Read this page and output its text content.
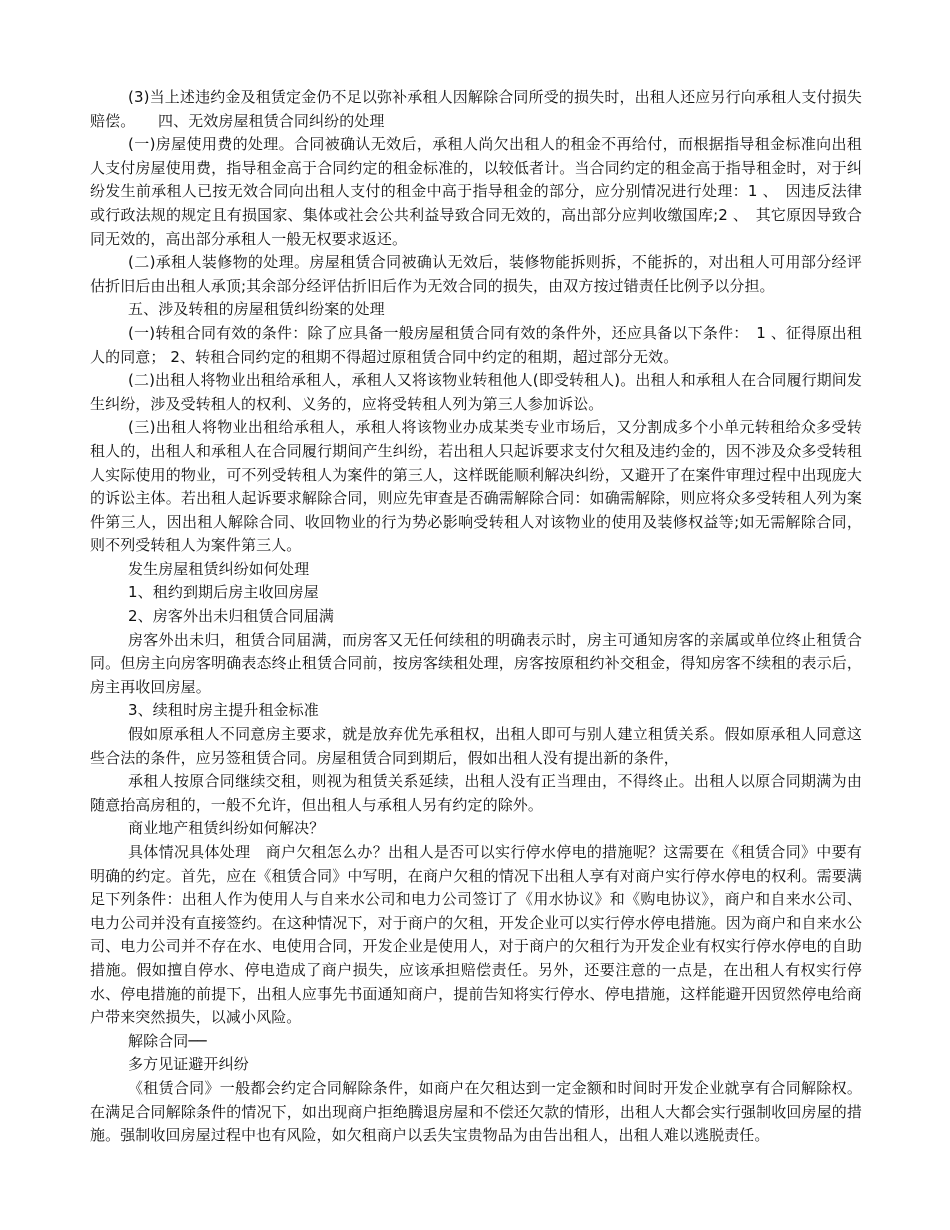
(3)当上述违约金及租赁定金仍不足以弥补承租人因解除合同所受的损失时，出租人还应另行向承租人支付损失赔偿。　　四、无效房屋租赁合同纠纷的处理

(一)房屋使用费的处理。合同被确认无效后，承租人尚欠出租人的租金不再给付，而根据指导租金标准向出租人支付房屋使用费，指导租金高于合同约定的租金标准的，以较低者计。当合同约定的租金高于指导租金时，对于纠纷发生前承租人已按无效合同向出租人支付的租金中高于指导租金的部分，应分别情况进行处理：1 、　因违反法律或行政法规的规定且有损国家、集体或社会公共利益导致合同无效的，高出部分应判收缴国库;2 、　其它原因导致合同无效的，高出部分承租人一般无权要求返还。

(二)承租人装修物的处理。房屋租赁合同被确认无效后，装修物能拆则拆，不能拆的，对出租人可用部分经评估折旧后由出租人承顶;其余部分经评估折旧后作为无效合同的损失，由双方按过错责任比例予以分担。

五、涉及转租的房屋租赁纠纷案的处理

(一)转租合同有效的条件：除了应具备一般房屋租赁合同有效的条件外，还应具备以下条件：　1 、征得原出租人的同意； 2、转租合同约定的租期不得超过原租赁合同中约定的租期，超过部分无效。

(二)出租人将物业出租给承租人，承租人又将该物业转租他人(即受转租人)。出租人和承租人在合同履行期间发生纠纷，涉及受转租人的权利、义务的，应将受转租人列为第三人参加诉讼。

(三)出租人将物业出租给承租人，承租人将该物业办成某类专业市场后，又分割成多个小单元转租给众多受转租人的，出租人和承租人在合同履行期间产生纠纷，若出租人只起诉要求支付欠租及违约金的，因不涉及众多受转租人实际使用的物业，可不列受转租人为案件的第三人，这样既能顺利解决纠纷，又避开了在案件审理过程中出现庞大的诉讼主体。若出租人起诉要求解除合同，则应先审查是否确需解除合同：如确需解除，则应将众多受转租人列为案件第三人，因出租人解除合同、收回物业的行为势必影响受转租人对该物业的使用及装修权益等;如无需解除合同，则不列受转租人为案件第三人。

发生房屋租赁纠纷如何处理

1、租约到期后房主收回房屋

2、房客外出未归租赁合同届满

房客外出未归，租赁合同届满，而房客又无任何续租的明确表示时，房主可通知房客的亲属或单位终止租赁合同。但房主向房客明确表态终止租赁合同前，按房客续租处理，房客按原租约补交租金，得知房客不续租的表示后，房主再收回房屋。

3、续租时房主提升租金标准

假如原承租人不同意房主要求，就是放弃优先承租权，出租人即可与别人建立租赁关系。假如原承租人同意这些合法的条件，应另签租赁合同。房屋租赁合同到期后，假如出租人没有提出新的条件，

承租人按原合同继续交租，则视为租赁关系延续，出租人没有正当理由，不得终止。出租人以原合同期满为由随意抬高房租的，一般不允许，但出租人与承租人另有约定的除外。

商业地产租赁纠纷如何解决？

具体情况具体处理　商户欠租怎么办？出租人是否可以实行停水停电的措施呢？这需要在《租赁合同》中要有明确的约定。首先，应在《租赁合同》中写明，在商户欠租的情况下出租人享有对商户实行停水停电的权利。需要满足下列条件：出租人作为使用人与自来水公司和电力公司签订了《用水协议》和《购电协议》，商户和自来水公司、电力公司并没有直接签约。在这种情况下，对于商户的欠租，开发企业可以实行停水停电措施。因为商户和自来水公司、电力公司并不存在水、电使用合同，开发企业是使用人，对于商户的欠租行为开发企业有权实行停水停电的自助措施。假如擅自停水、停电造成了商户损失，应该承担赔偿责任。另外，还要注意的一点是，在出租人有权实行停水、停电措施的前提下，出租人应事先书面通知商户，提前告知将实行停水、停电措施，这样能避开因贸然停电给商户带来突然损失，以减小风险。

解除合同──

多方见证避开纠纷

《租赁合同》一般都会约定合同解除条件，如商户在欠租达到一定金额和时间时开发企业就享有合同解除权。在满足合同解除条件的情况下，如出现商户拒绝腾退房屋和不偿还欠款的情形，出租人大都会实行强制收回房屋的措施。强制收回房屋过程中也有风险，如欠租商户以丢失宝贵物品为由告出租人，出租人难以逃脱责任。
